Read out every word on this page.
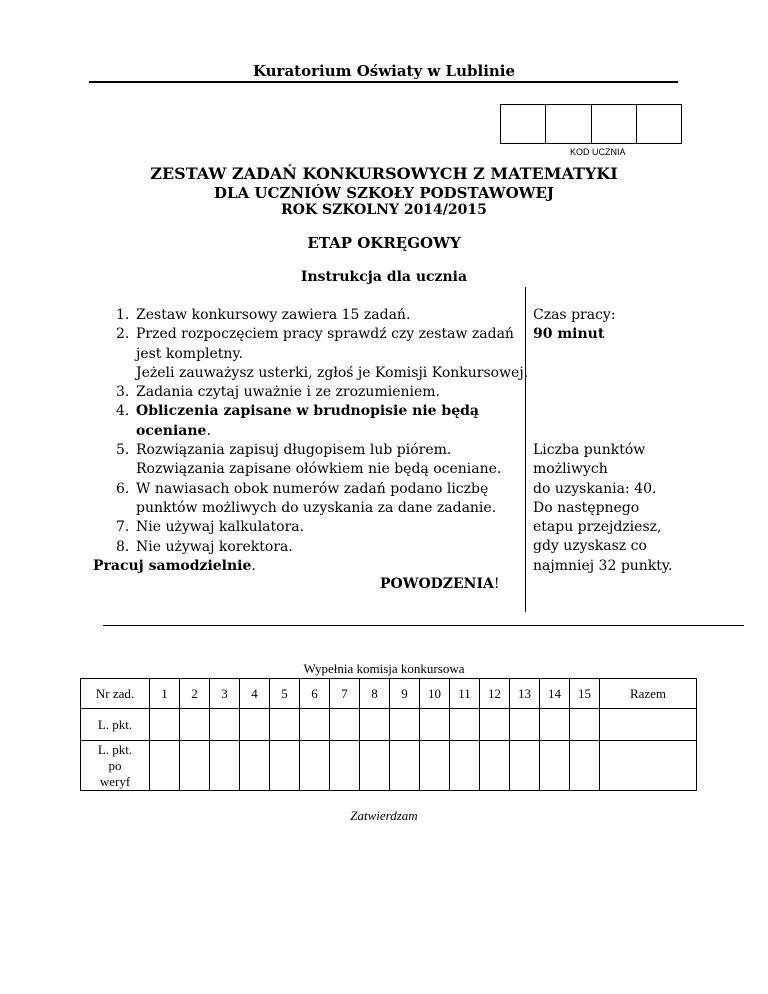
Kuratorium Oświaty w Lublinie
KOD UCZNIA
ZESTAW ZADAŃ KONKURSOWYCH Z MATEMATYKI
DLA UCZNIÓW SZKOŁY PODSTAWOWEJ
ROK SZKOLNY 2014/2015
ETAP OKRĘGOWY
Instrukcja dla ucznia
1. Zestaw konkursowy zawiera 15 zadań.
2. Przed rozpoczęciem pracy sprawdź czy zestaw zadań
jest kompletny.
Jeżeli zauważysz usterki, zgłoś je Komisji Konkursowej.
3. Zadania czytaj uważnie i ze zrozumieniem.
4. Obliczenia zapisane w brudnopisie nie będą oceniane.
5. Rozwiązania zapisuj długopisem lub piórem.
Rozwiązania zapisane ołówkiem nie będą oceniane.
6. W nawiasach obok numerów zadań podano liczbę
punktów możliwych do uzyskania za dane zadanie.
7. Nie używaj kalkulatora.
8. Nie używaj korektora.
Czas pracy:
90 minut
Liczba punktów
możliwych
do uzyskania: 40.
Do następnego
etapu przejdziesz,
gdy uzyskasz co
najmniej 32 punkty.
Pracuj samodzielnie.
POWODZENIA!
Wypełnia komisja konkursowa
Nr zad.	1	2	3	4	5	6	7	8	9	10	11	12	13	14	15	Razem
L. pkt.																
L. pkt.
po
weryf																
Zatwierdzam
